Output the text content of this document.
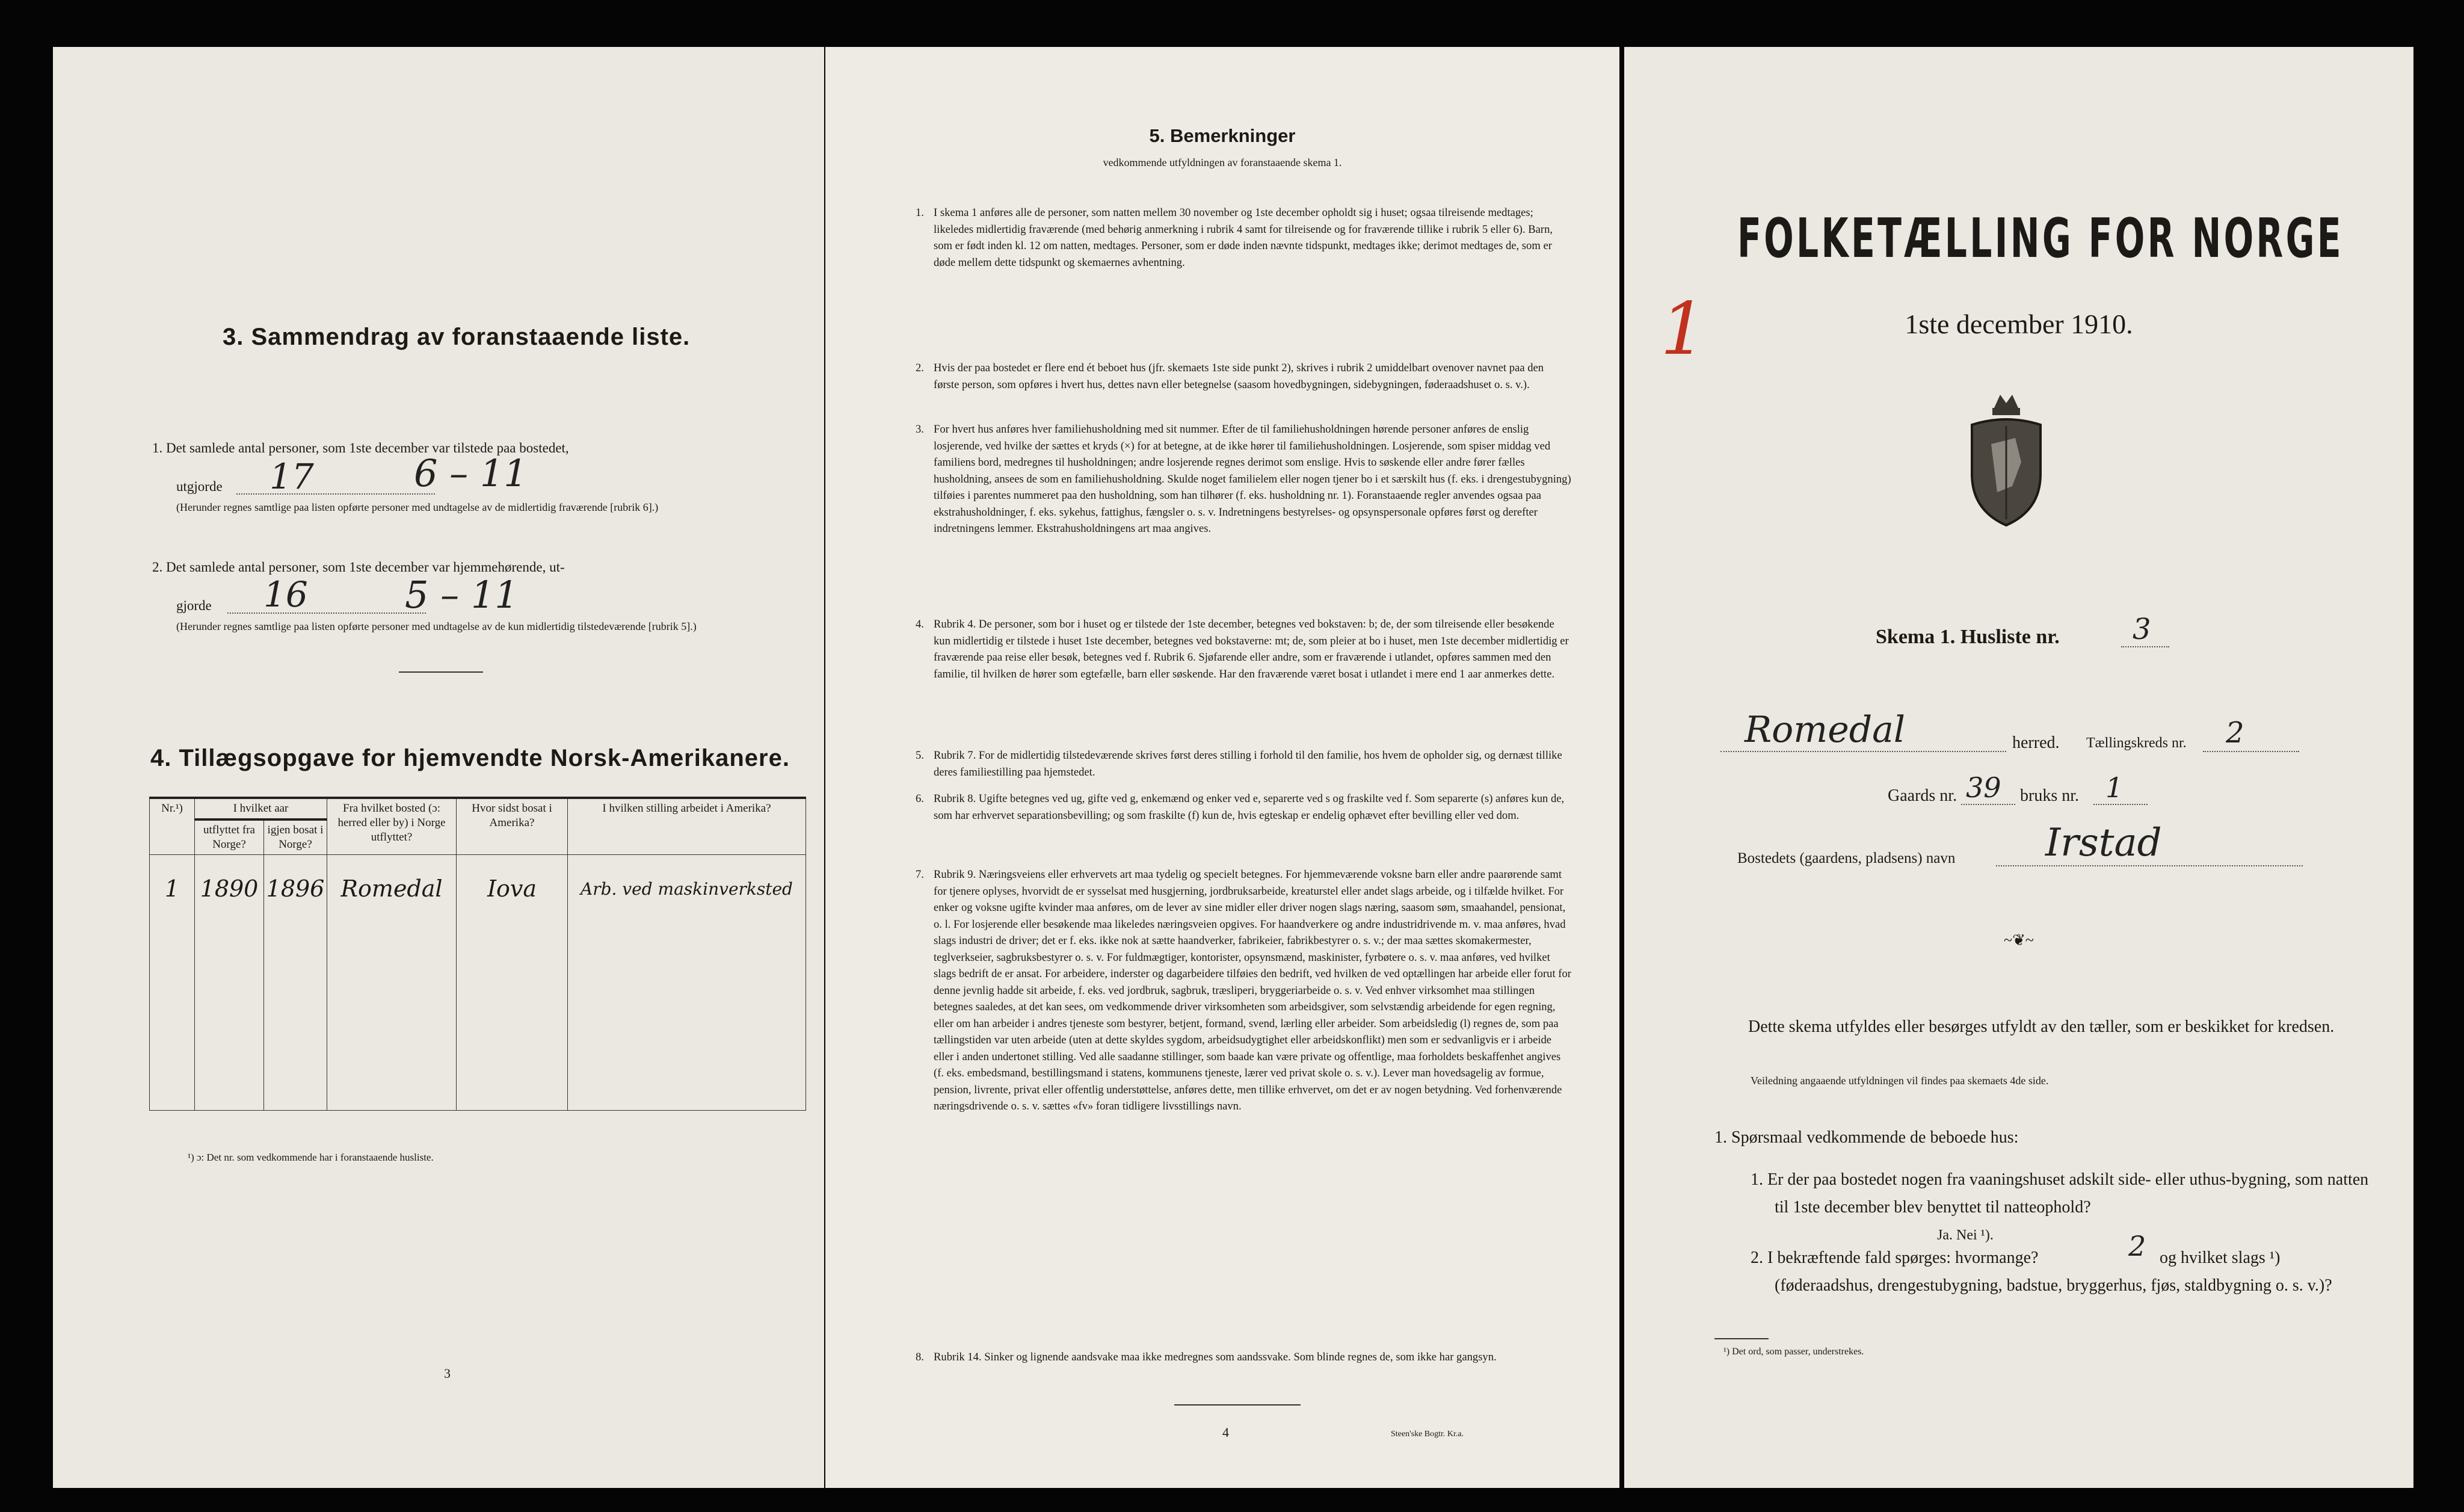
3. Sammendrag av foranstaaende liste.
1. Det samlede antal personer, som 1ste december var tilstede paa bostedet,
utgjorde 17	6 – 11
(Herunder regnes samtlige paa listen opførte personer med undtagelse av de midlertidig fraværende [rubrik 6].)
2. Det samlede antal personer, som 1ste december var hjemmehørende, ut-
gjorde 16	5 – 11
(Herunder regnes samtlige paa listen opførte personer med undtagelse av de kun midlertidig tilstedeværende [rubrik 5].)
4. Tillægsopgave for hjemvendte Norsk-Amerikanere.
Nr.¹)	I hvilket aar		Fra hvilket bosted (ɔ: herred eller by) i Norge utflyttet?	Hvor sidst bosat i Amerika?	I hvilken stilling arbeidet i Amerika?
	utflyttet fra Norge?	igjen bosat i Norge?			
1	1890	1896	Romedal	Iova	Arb. ved maskinverksted

¹) ɔ: Det nr. som vedkommende har i foranstaaende husliste.
3
5. Bemerkninger
vedkommende utfyldningen av foranstaaende skema 1.
1. I skema 1 anføres alle de personer, som natten mellem 30 november og 1ste december opholdt sig i huset; ogsaa tilreisende medtages; likeledes midlertidig fraværende (med behørig anmerkning i rubrik 4 samt for tilreisende og for fraværende tillike i rubrik 5 eller 6). Barn, som er født inden kl. 12 om natten, medtages. Personer, som er døde inden nævnte tidspunkt, medtages ikke; derimot medtages de, som er døde mellem dette tidspunkt og skemaernes avhentning.
2. Hvis der paa bostedet er flere end ét beboet hus (jfr. skemaets 1ste side punkt 2), skrives i rubrik 2 umiddelbart ovenover navnet paa den første person, som opføres i hvert hus, dettes navn eller betegnelse (saasom hovedbygningen, sidebygningen, føderaadshuset o. s. v.).
3. For hvert hus anføres hver familiehusholdning med sit nummer. Efter de til familiehusholdningen hørende personer anføres de enslig losjerende, ved hvilke der sættes et kryds (×) for at betegne, at de ikke hører til familiehusholdningen. Losjerende, som spiser middag ved familiens bord, medregnes til husholdningen; andre losjerende regnes derimot som enslige. Hvis to søskende eller andre fører fælles husholdning, ansees de som en familiehusholdning. Skulde noget familielem eller nogen tjener bo i et særskilt hus (f. eks. i drengestubygning) tilføies i parentes nummeret paa den husholdning, som han tilhører (f. eks. husholdning nr. 1). Foranstaaende regler anvendes ogsaa paa ekstrahusholdninger, f. eks. sykehus, fattighus, fængsler o. s. v. Indretningens bestyrelses- og opsynspersonale opføres først og derefter indretningens lemmer. Ekstrahusholdningens art maa angives.
4. Rubrik 4. De personer, som bor i huset og er tilstede der 1ste december, betegnes ved bokstaven: b; de, der som tilreisende eller besøkende kun midlertidig er tilstede i huset 1ste december, betegnes ved bokstaverne: mt; de, som pleier at bo i huset, men 1ste december midlertidig er fraværende paa reise eller besøk, betegnes ved f. Rubrik 6. Sjøfarende eller andre, som er fraværende i utlandet, opføres sammen med den familie, til hvilken de hører som egtefælle, barn eller søskende. Har den fraværende været bosat i utlandet i mere end 1 aar anmerkes dette.
5. Rubrik 7. For de midlertidig tilstedeværende skrives først deres stilling i forhold til den familie, hos hvem de opholder sig, og dernæst tillike deres familiestilling paa hjemstedet.
6. Rubrik 8. Ugifte betegnes ved ug, gifte ved g, enkemænd og enker ved e, separerte ved s og fraskilte ved f. Som separerte (s) anføres kun de, som har erhvervet separationsbevilling; og som fraskilte (f) kun de, hvis egteskap er endelig ophævet efter bevilling eller ved dom.
7. Rubrik 9. Næringsveiens eller erhvervets art maa tydelig og specielt betegnes. For hjemmeværende voksne barn eller andre paarørende samt for tjenere oplyses, hvorvidt de er sysselsat med husgjerning, jordbruksarbeide, kreaturstel eller andet slags arbeide, og i tilfælde hvilket. For enker og voksne ugifte kvinder maa anføres, om de lever av sine midler eller driver nogen slags næring, saasom søm, smaahandel, pensionat, o. l. For losjerende eller besøkende maa likeledes næringsveien opgives. For haandverkere og andre industridrivende m. v. maa anføres, hvad slags industri de driver; det er f. eks. ikke nok at sætte haandverker, fabrikeier, fabrikbestyrer o. s. v.; der maa sættes skomakermester, teglverkseier, sagbruksbestyrer o. s. v. For fuldmægtiger, kontorister, opsynsmænd, maskinister, fyrbøtere o. s. v. maa anføres, ved hvilket slags bedrift de er ansat. For arbeidere, inderster og dagarbeidere tilføies den bedrift, ved hvilken de ved optællingen har arbeide eller forut for denne jevnlig hadde sit arbeide, f. eks. ved jordbruk, sagbruk, træsliperi, bryggeriarbeide o. s. v. Ved enhver virksomhet maa stillingen betegnes saaledes, at det kan sees, om vedkommende driver virksomheten som arbeidsgiver, som selvstændig arbeidende for egen regning, eller om han arbeider i andres tjeneste som bestyrer, betjent, formand, svend, lærling eller arbeider. Som arbeidsledig (l) regnes de, som paa tællingstiden var uten arbeide (uten at dette skyldes sygdom, arbeidsudygtighet eller arbeidskonflikt) men som er sedvanligvis er i arbeide eller i anden undertonet stilling. Ved alle saadanne stillinger, som baade kan være private og offentlige, maa forholdets beskaffenhet angives (f. eks. embedsmand, bestillingsmand i statens, kommunens tjeneste, lærer ved privat skole o. s. v.). Lever man hovedsagelig av formue, pension, livrente, privat eller offentlig understøttelse, anføres dette, men tillike erhvervet, om det er av nogen betydning. Ved forhenværende næringsdrivende o. s. v. sættes «fv» foran tidligere livsstillings navn.
8. Rubrik 14. Sinker og lignende aandsvake maa ikke medregnes som aandssvake. Som blinde regnes de, som ikke har gangsyn.
4	Steen'ske Bogtr. Kr.a.
1
FOLKETÆLLING FOR NORGE
1ste december 1910.
Skema 1. Husliste nr.	3
Romedal	herred. Tællingskreds nr. 2
Gaards nr. 39 bruks nr. 1
Bostedets (gaardens, pladsens) navn Irstad
~❦~
Dette skema utfyldes eller besørges utfyldt av den tæller, som er beskikket for kredsen.
Veiledning angaaende utfyldningen vil findes paa skemaets 4de side.
1. Spørsmaal vedkommende de beboede hus:
1. Er der paa bostedet nogen fra vaaningshuset adskilt side- eller uthus-bygning, som natten til 1ste december blev benyttet til natteophold?
Ja. Nei ¹).
2. I bekræftende fald spørges: hvormange?	2 og hvilket slags ¹)
(føderaadshus, drengestubygning, badstue, bryggerhus, fjøs, staldbygning o. s. v.)?
¹) Det ord, som passer, understrekes.
